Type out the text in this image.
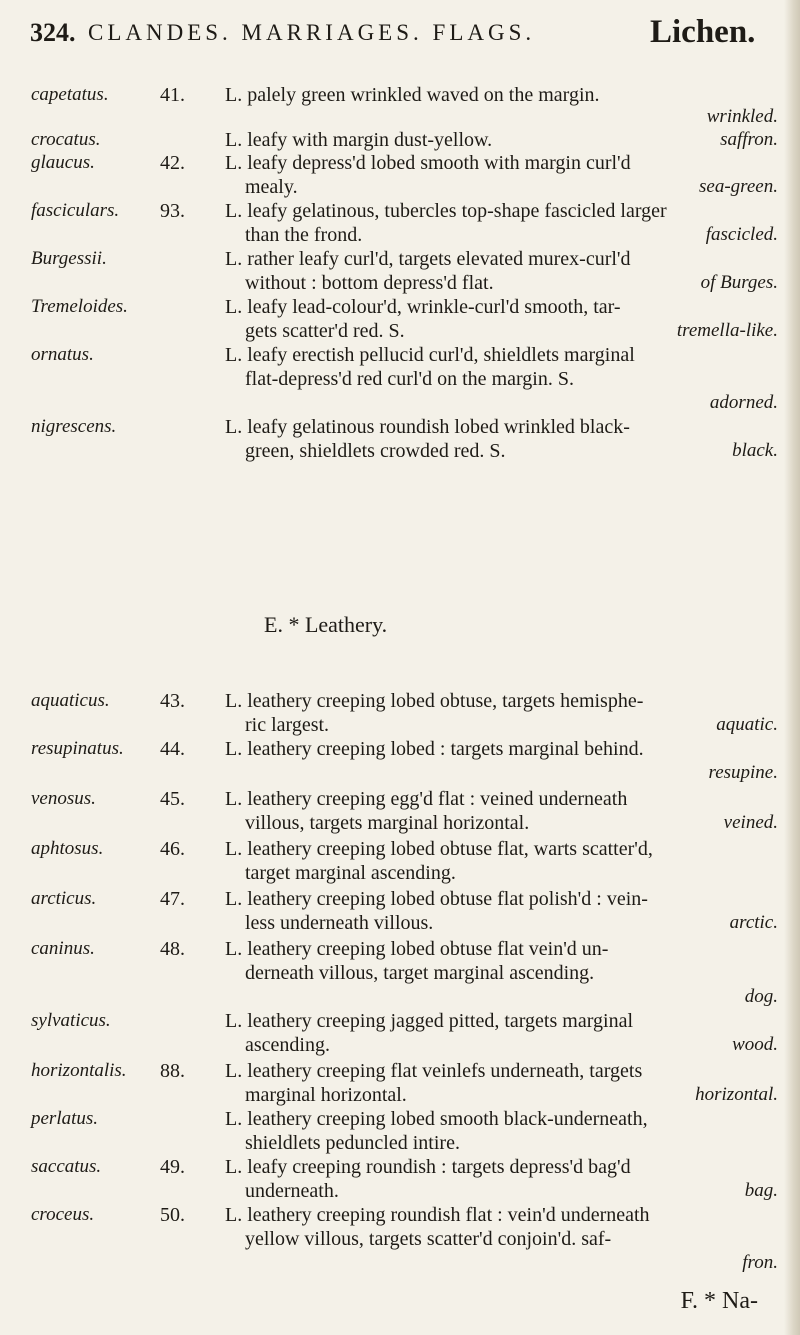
324. CLANDES. MARRIAGES. FLAGS.	Lichen.
capetatus.	41. L. palely green wrinkled waved on the margin.
wrinkled.
crocatus.	L. leafy with margin dust-yellow.	saffron.
glaucus.	42. L. leafy depress'd lobed smooth with margin curl'd
mealy.	sea-green.
fasciculars. 93. L. leafy gelatinous, tubercles top-shape fascicled larger
than the frond.	fascicled.
Burgessii.	L. rather leafy curl'd, targets elevated murex-curl'd
without : bottom depress'd flat.	of Burges.
Tremeloides.	L. leafy lead-colour'd, wrinkle-curl'd smooth, tar-
gets scatter'd red. S.	tremella-like.
ornatus.	L. leafy erectish pellucid curl'd, shieldlets marginal
flat-depress'd red curl'd on the margin. S.
adorned.
nigrescens.	L. leafy gelatinous roundish lobed wrinkled black-
green, shieldlets crowded red. S.	black.
aquaticus.	43. L. leathery creeping lobed obtuse, targets hemisphe-
ric largest.	aquatic.
resupinatus. 44. L. leathery creeping lobed : targets marginal behind.
resupine.
venosus.	45. L. leathery creeping egg'd flat : veined underneath
villous, targets marginal horizontal.	veined.
aphtosus.	46. L. leathery creeping lobed obtuse flat, warts scatter'd,
target marginal ascending.
arcticus.	47. L. leathery creeping lobed obtuse flat polish'd : vein-
less underneath villous.	arctic.
caninus.	48. L. leathery creeping lobed obtuse flat vein'd un-
derneath villous, target marginal ascending.
dog.
sylvaticus.	L. leathery creeping jagged pitted, targets marginal
ascending.	wood.
horizontalis. 88. L. leathery creeping flat veinlefs underneath, targets
marginal horizontal.	horizontal.
perlatus.	L. leathery creeping lobed smooth black-underneath,
shieldlets peduncled intire.
saccatus.	49. L. leafy creeping roundish : targets depress'd bag'd
underneath.	bag.
croceus.	50. L. leathery creeping roundish flat : vein'd underneath
yellow villous, targets scatter'd conjoin'd. saf-
fron.
E. * Leathery.
F. * Na-
